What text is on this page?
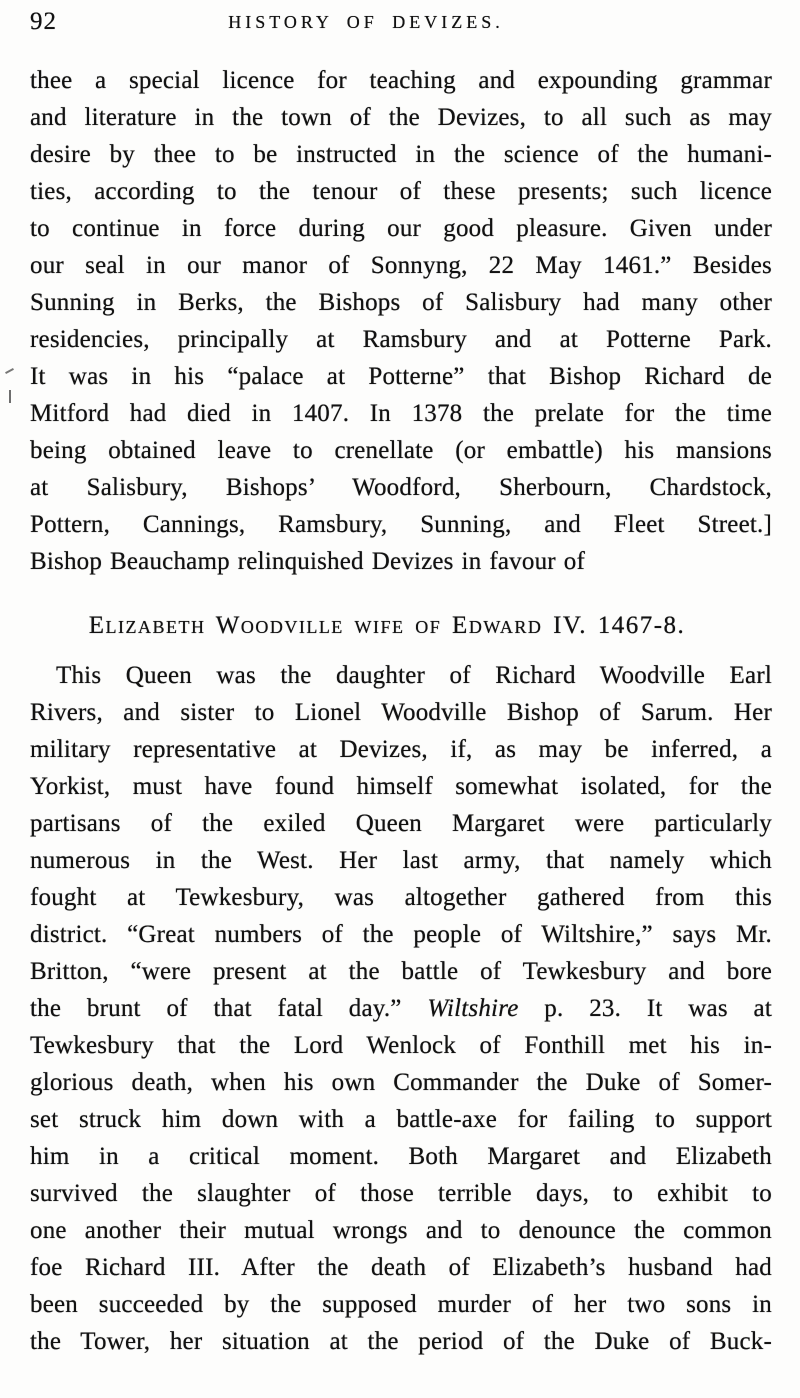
92	HISTORY OF DEVIZES.
thee a special licence for teaching and expounding grammar
and literature in the town of the Devizes, to all such as may
desire by thee to be instructed in the science of the humani-
ties, according to the tenour of these presents; such licence
to continue in force during our good pleasure. Given under
our seal in our manor of Sonnyng, 22 May 1461.” Besides
Sunning in Berks, the Bishops of Salisbury had many other
residencies, principally at Ramsbury and at Potterne Park.
It was in his “palace at Potterne” that Bishop Richard de
Mitford had died in 1407. In 1378 the prelate for the time
being obtained leave to crenellate (or embattle) his mansions
at Salisbury, Bishops’ Woodford, Sherbourn, Chardstock,
Pottern, Cannings, Ramsbury, Sunning, and Fleet Street.]
Bishop Beauchamp relinquished Devizes in favour of
Elizabeth Woodville wife of Edward IV. 1467-8.
This Queen was the daughter of Richard Woodville Earl
Rivers, and sister to Lionel Woodville Bishop of Sarum. Her
military representative at Devizes, if, as may be inferred, a
Yorkist, must have found himself somewhat isolated, for the
partisans of the exiled Queen Margaret were particularly
numerous in the West. Her last army, that namely which
fought at Tewkesbury, was altogether gathered from this
district. “Great numbers of the people of Wiltshire,” says Mr.
Britton, “were present at the battle of Tewkesbury and bore
the brunt of that fatal day.” Wiltshire p. 23. It was at
Tewkesbury that the Lord Wenlock of Fonthill met his in-
glorious death, when his own Commander the Duke of Somer-
set struck him down with a battle-axe for failing to support
him in a critical moment. Both Margaret and Elizabeth
survived the slaughter of those terrible days, to exhibit to
one another their mutual wrongs and to denounce the common
foe Richard III. After the death of Elizabeth’s husband had
been succeeded by the supposed murder of her two sons in
the Tower, her situation at the period of the Duke of Buck-
